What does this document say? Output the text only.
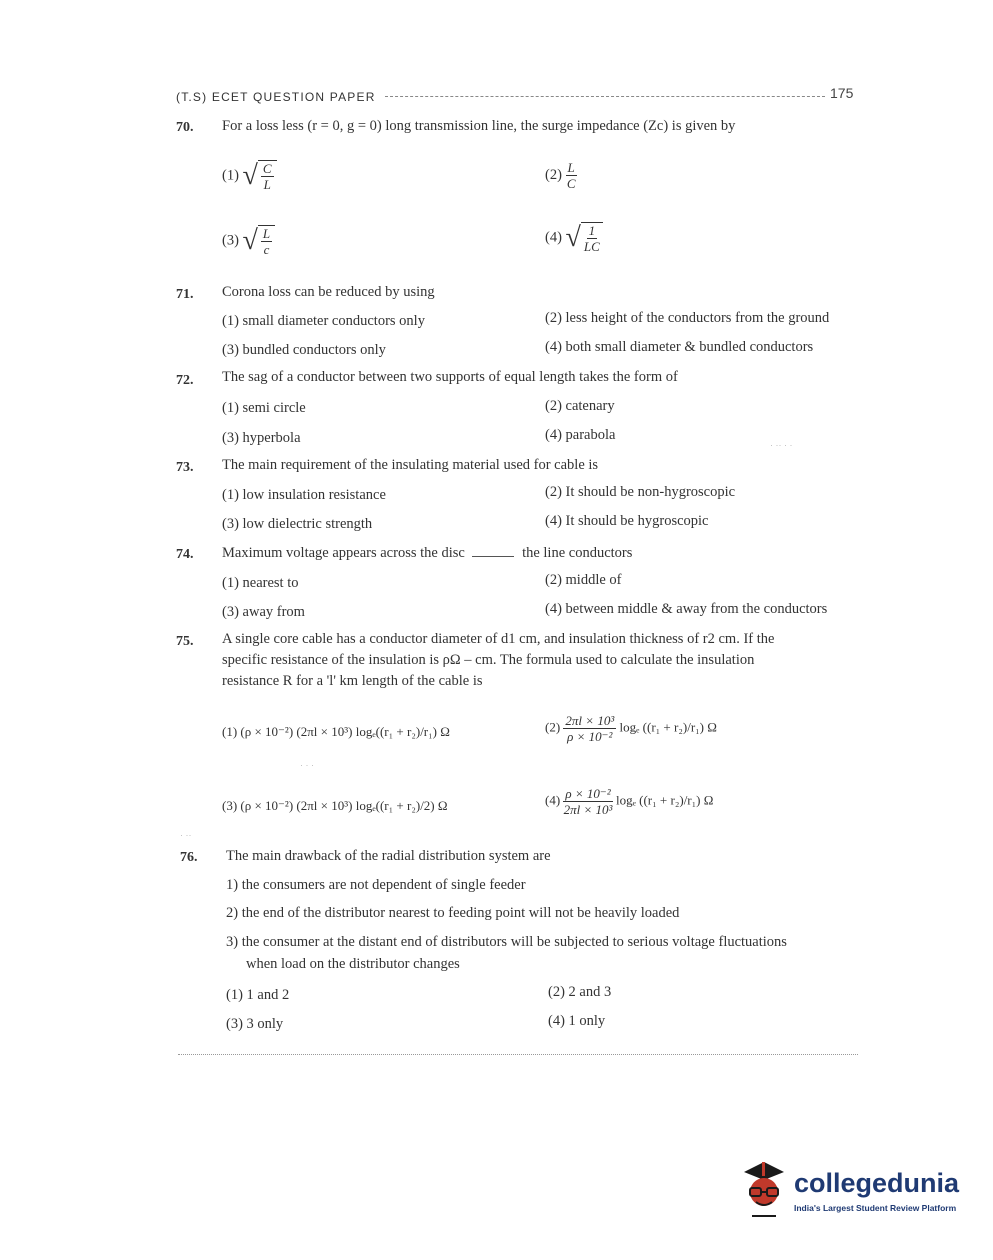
(T.S) ECET QUESTION PAPER	175
70. For a loss less (r = 0, g = 0) long transmission line, the surge impedance (Zc) is given by
(1) √ $\frac{C}{L}$	$(2) \frac{L}{C}$
(3) √ $\frac{L}{c}$	(4) √ $\frac{1}{LC}$
71. Corona loss can be reduced by using
(1) small diameter conductors only	(2) less height of the conductors from the ground
(3) bundled conductors only	(4) both small diameter & bundled conductors
72. The sag of a conductor between two supports of equal length takes the form of
(1) semi circle	(2) catenary
(3) hyperbola	(4) parabola
73. The main requirement of the insulating material used for cable is
(1) low insulation resistance	(2) It should be non-hygroscopic
(3) low dielectric strength	(4) It should be hygroscopic
74. Maximum voltage appears across the disc	the line conductors
(1) nearest to	(2) middle of
(3) away from	(4) between middle & away from the conductors
75. A single core cable has a conductor diameter of d1 cm, and insulation thickness of r2 cm. If the
specific resistance of the insulation is ρΩ – cm. The formula used to calculate the insulation
resistance R for a 'l' km length of the cable is
(1) (ρ × 10⁻²) (2πl × 10³) logₑ((r₁ + r₂)/r₁) Ω	$(2) \frac{\text{2πl × 10³}}{\text{ρ × 10⁻²}}$ logₑ ((r₁ + r₂)/r₁) Ω
(3) (ρ × 10⁻²) (2πl × 10³) logₑ((r₁ + r₂)/2) Ω	$(4) \frac{\text{ρ × 10⁻²}}{\text{2πl × 10³}}$ logₑ ((r₁ + r₂)/r₁) Ω
76. The main drawback of the radial distribution system are
1) the consumers are not dependent of single feeder
2) the end of the distributor nearest to feeding point will not be heavily loaded
3) the consumer at the distant end of distributors will be subjected to serious voltage fluctuations
when load on the distributor changes
(1) 1 and 2	(2) 2 and 3
(3) 3 only	(4) 1 only
· ·· · ·
· · ·
· ··
collegedunia
India's Largest Student Review Platform
